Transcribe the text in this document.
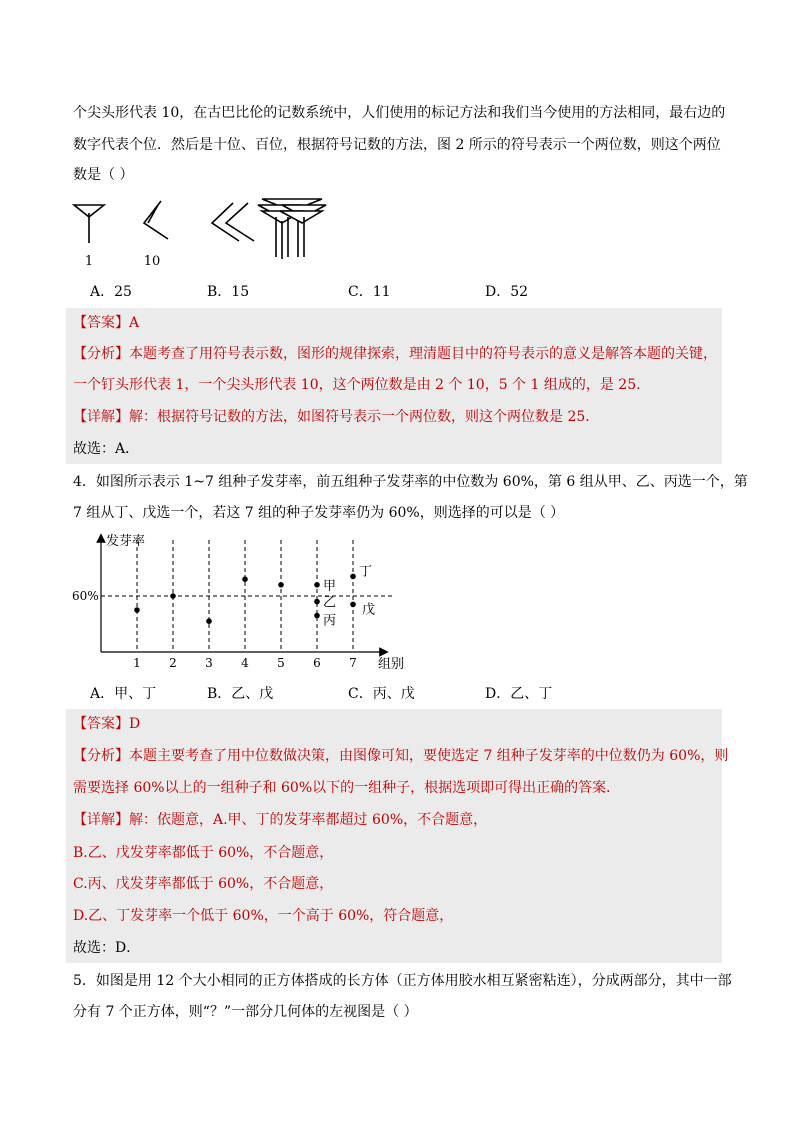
个尖头形代表 10，在古巴比伦的记数系统中，人们使用的标记方法和我们当今使用的方法相同，最右边的
数字代表个位．然后是十位、百位，根据符号记数的方法，图 2 所示的符号表示一个两位数，则这个两位
数是（ ）
1	10
A．25	B．15	C．11	D．52
【答案】A
【分析】本题考查了用符号表示数，图形的规律探索，理清题目中的符号表示的意义是解答本题的关键，
一个钉头形代表 1，一个尖头形代表 10，这个两位数是由 2 个 10，5 个 1 组成的，是 25．
【详解】解：根据符号记数的方法，如图符号表示一个两位数，则这个两位数是 25．
故选：A．
4．如图所示表示 1~7 组种子发芽率，前五组种子发芽率的中位数为 60%，第 6 组从甲、乙、丙选一个，第
7 组从丁、戊选一个，若这 7 组的种子发芽率仍为 60%，则选择的可以是（ ）
发芽率
组别
60%
1 2 3 4 5 6 7
甲
乙
丙
丁
戊
A．甲、丁	B．乙、戊	C．丙、戊	D．乙、丁
【答案】D
【分析】本题主要考查了用中位数做决策，由图像可知，要使选定 7 组种子发芽率的中位数仍为 60%，则
需要选择 60%以上的一组种子和 60%以下的一组种子，根据选项即可得出正确的答案．
【详解】解：依题意，A.甲、丁的发芽率都超过 60%，不合题意，
B.乙、戊发芽率都低于 60%，不合题意，
C.丙、戊发芽率都低于 60%，不合题意，
D.乙、丁发芽率一个低于 60%，一个高于 60%，符合题意，
故选：D．
5．如图是用 12 个大小相同的正方体搭成的长方体（正方体用胶水相互紧密粘连），分成两部分，其中一部
分有 7 个正方体，则“？”一部分几何体的左视图是（ ）
